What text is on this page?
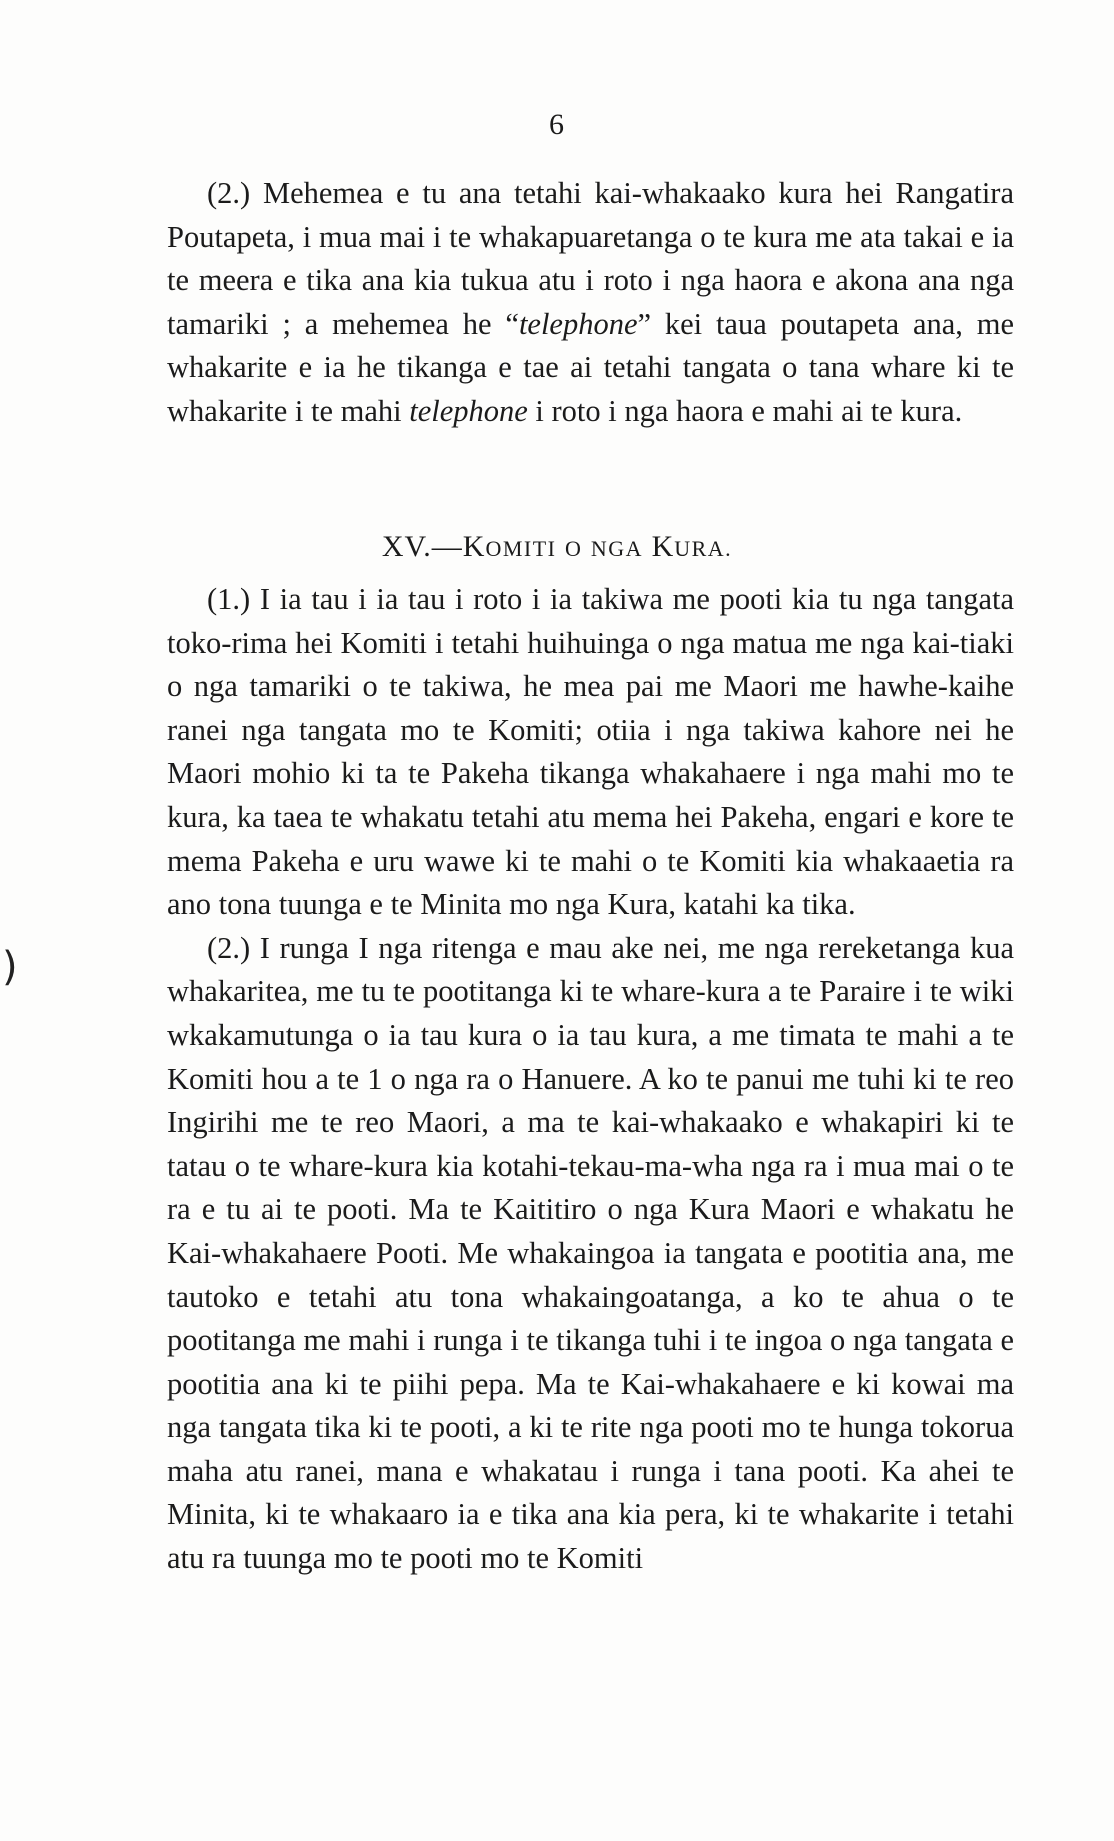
6

(2.) Mehemea e tu ana tetahi kai-whakaako kura hei Rangatira Poutapeta, i mua mai i te whakapuaretanga o te kura me ata takai e ia te meera e tika ana kia tukua atu i roto i nga haora e akona ana nga tamariki ; a mehemea he “telephone” kei taua poutapeta ana, me whakarite e ia he tikanga e tae ai tetahi tangata o tana whare ki te whakarite i te mahi telephone i roto i nga haora e mahi ai te kura.

XV.—KOMITI O NGA KURA.

(1.) I ia tau i ia tau i roto i ia takiwa me pooti kia tu nga tangata toko-rima hei Komiti i tetahi huihuinga o nga matua me nga kai-tiaki o nga tamariki o te takiwa, he mea pai me Maori me hawhe-kaihe ranei nga tangata mo te Komiti; otiia i nga takiwa kahore nei he Maori mohio ki ta te Pakeha tikanga whakahaere i nga mahi mo te kura, ka taea te whakatu tetahi atu mema hei Pakeha, engari e kore te mema Pakeha e uru wawe ki te mahi o te Komiti kia whakaaetia ra ano tona tuunga e te Minita mo nga Kura, katahi ka tika.

(2.) I runga I nga ritenga e mau ake nei, me nga rereketanga kua whakaritea, me tu te pootitanga ki te whare-kura a te Paraire i te wiki wkakamutunga o ia tau kura o ia tau kura, a me timata te mahi a te Komiti hou a te 1 o nga ra o Hanuere. A ko te panui me tuhi ki te reo Ingirihi me te reo Maori, a ma te kai-whakaako e whakapiri ki te tatau o te whare-kura kia kotahi-tekau-ma-wha nga ra i mua mai o te ra e tu ai te pooti. Ma te Kaititiro o nga Kura Maori e whakatu he Kai-whakahaere Pooti. Me whakaingoa ia tangata e pootitia ana, me tautoko e tetahi atu tona whakaingoatanga, a ko te ahua o te pootitanga me mahi i runga i te tikanga tuhi i te ingoa o nga tangata e pootitia ana ki te piihi pepa. Ma te Kai-whakahaere e ki kowai ma nga tangata tika ki te pooti, a ki te rite nga pooti mo te hunga tokorua maha atu ranei, mana e whakatau i runga i tana pooti. Ka ahei te Minita, ki te whakaaro ia e tika ana kia pera, ki te whakarite i tetahi atu ra tuunga mo te pooti mo te Komiti

)
